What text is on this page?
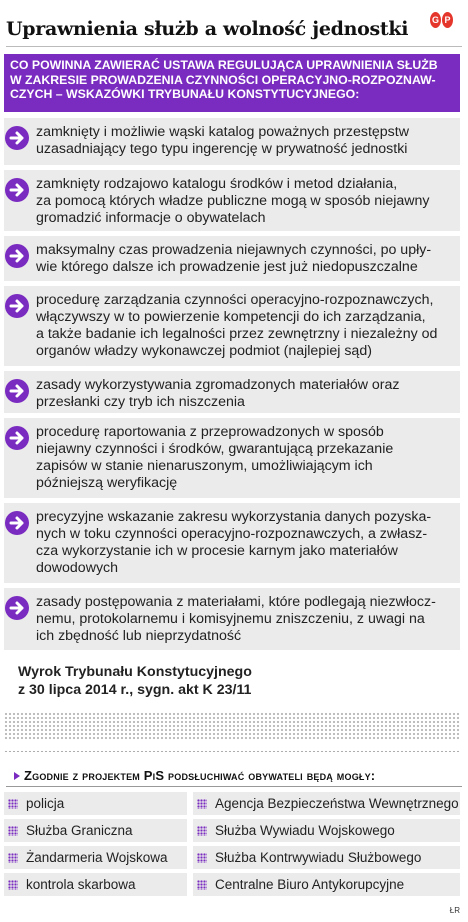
Uprawnienia służb a wolność jednostki	G P
CO POWINNA ZAWIERAĆ USTAWA REGULUJĄCA UPRAWNIENIA SŁUŻB
W ZAKRESIE PROWADZENIA CZYNNOŚCI OPERACYJNO-ROZPOZNAW-
CZYCH – WSKAZÓWKI TRYBUNAŁU KONSTYTUCYJNEGO:
zamknięty i możliwie wąski katalog poważnych przestępstw
uzasadniający tego typu ingerencję w prywatność jednostki
zamknięty rodzajowo katalogu środków i metod działania,
za pomocą których władze publiczne mogą w sposób niejawny
gromadzić informacje o obywatelach
maksymalny czas prowadzenia niejawnych czynności, po upły-
wie którego dalsze ich prowadzenie jest już niedopuszczalne
procedurę zarządzania czynności operacyjno-rozpoznawczych,
włączywszy w to powierzenie kompetencji do ich zarządzania,
a także badanie ich legalności przez zewnętrzny i niezależny od
organów władzy wykonawczej podmiot (najlepiej sąd)
zasady wykorzystywania zgromadzonych materiałów oraz
przesłanki czy tryb ich niszczenia
procedurę raportowania z przeprowadzonych w sposób
niejawny czynności i środków, gwarantującą przekazanie
zapisów w stanie nienaruszonym, umożliwiającym ich
późniejszą weryfikację
precyzyjne wskazanie zakresu wykorzystania danych pozyska-
nych w toku czynności operacyjno-rozpoznawczych, a zwłasz-
cza wykorzystanie ich w procesie karnym jako materiałów
dowodowych
zasady postępowania z materiałami, które podlegają niezwłocz-
nemu, protokolarnemu i komisyjnemu zniszczeniu, z uwagi na
ich zbędność lub nieprzydatność
Wyrok Trybunału Konstytucyjnego
z 30 lipca 2014 r., sygn. akt K 23/11
Zgodnie z projektem PiS podsłuchiwać obywateli będą mogły:
policja
Służba Graniczna
Żandarmeria Wojskowa
kontrola skarbowa
Agencja Bezpieczeństwa Wewnętrznego
Służba Wywiadu Wojskowego
Służba Kontrwywiadu Służbowego
Centralne Biuro Antykorupcyjne
ŁR
